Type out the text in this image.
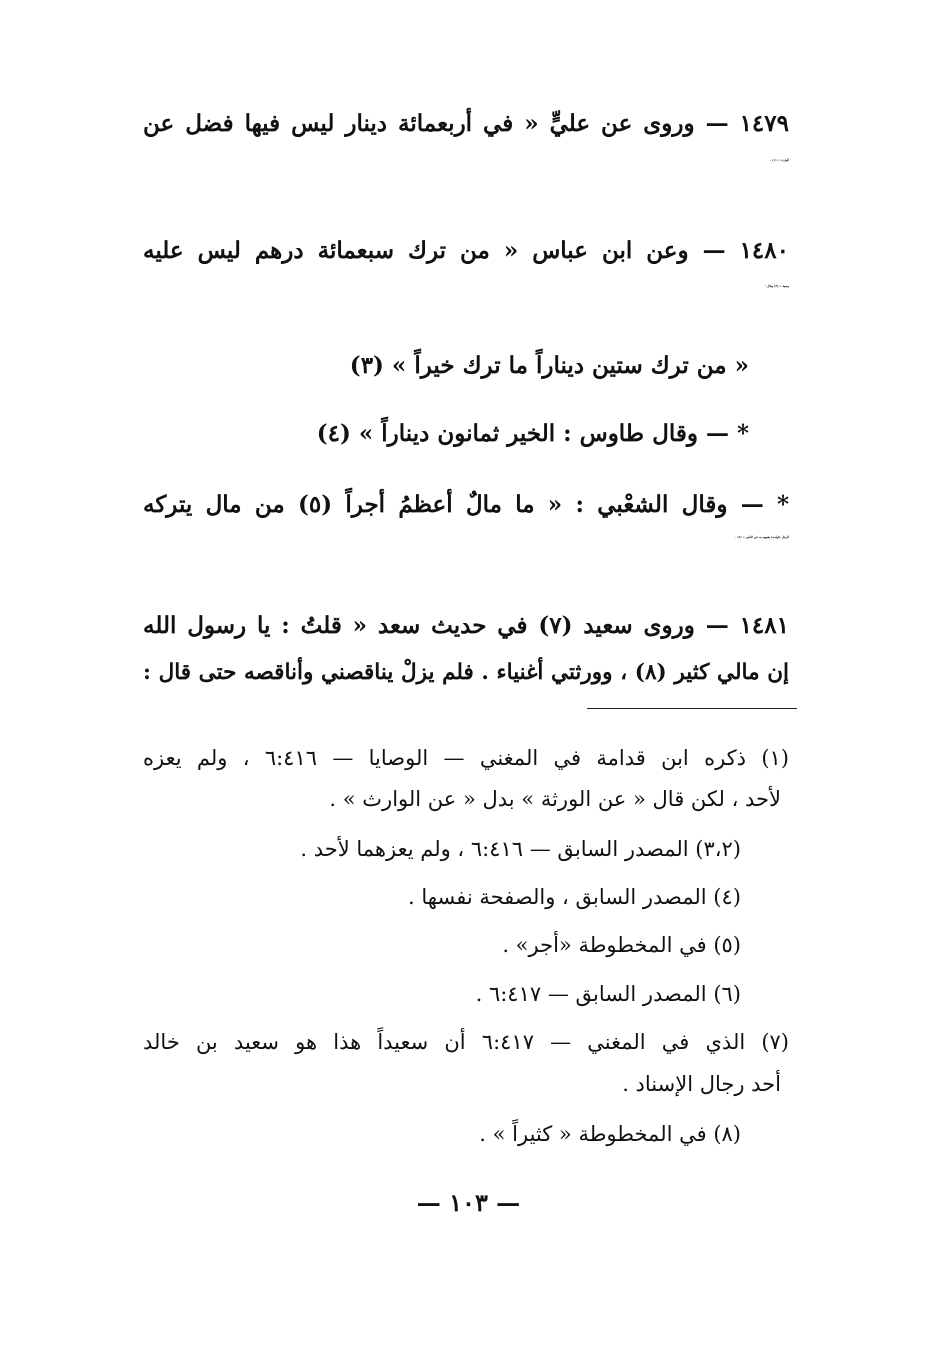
١٤٧٩ — وروى عن عليٍّ « في أربعمائة دينار ليس فيها فضل عن
الوارث » (١) .
١٤٨٠ — وعن ابن عباس « من ترك سبعمائة درهم ليس عليه
وصية » (٢) وقال :
« من ترك ستين ديناراً ما ترك خيراً » (٣)
* — وقال طاوس : الخير ثمانون ديناراً » (٤)
* — وقال الشعْبي : « ما مالٌ أعظمُ أجراً (٥) من مال يتركه
الرجل (لولده) يغنيهم به عن الناس » (٦) .
١٤٨١ — وروى سعيد (٧) في حديث سعد « قلتُ : يا رسول الله
إن مالي كثير (٨) ، وورثتي أغنياء . فلم يزلْ يناقصني وأناقصه حتى قال :
(١) ذكره ابن قدامة في المغني — الوصايا — ٦:٤١٦ ، ولم يعزه
لأحد ، لكن قال « عن الورثة » بدل « عن الوارث » .
(٣،٢) المصدر السابق — ٦:٤١٦ ، ولم يعزهما لأحد .
(٤) المصدر السابق ، والصفحة نفسها .
(٥) في المخطوطة «أجر» .
(٦) المصدر السابق — ٦:٤١٧ .
(٧) الذي في المغني — ٦:٤١٧ أن سعيداً هذا هو سعيد بن خالد
أحد رجال الإسناد .
(٨) في المخطوطة « كثيراً » .
— ١٠٣ —
